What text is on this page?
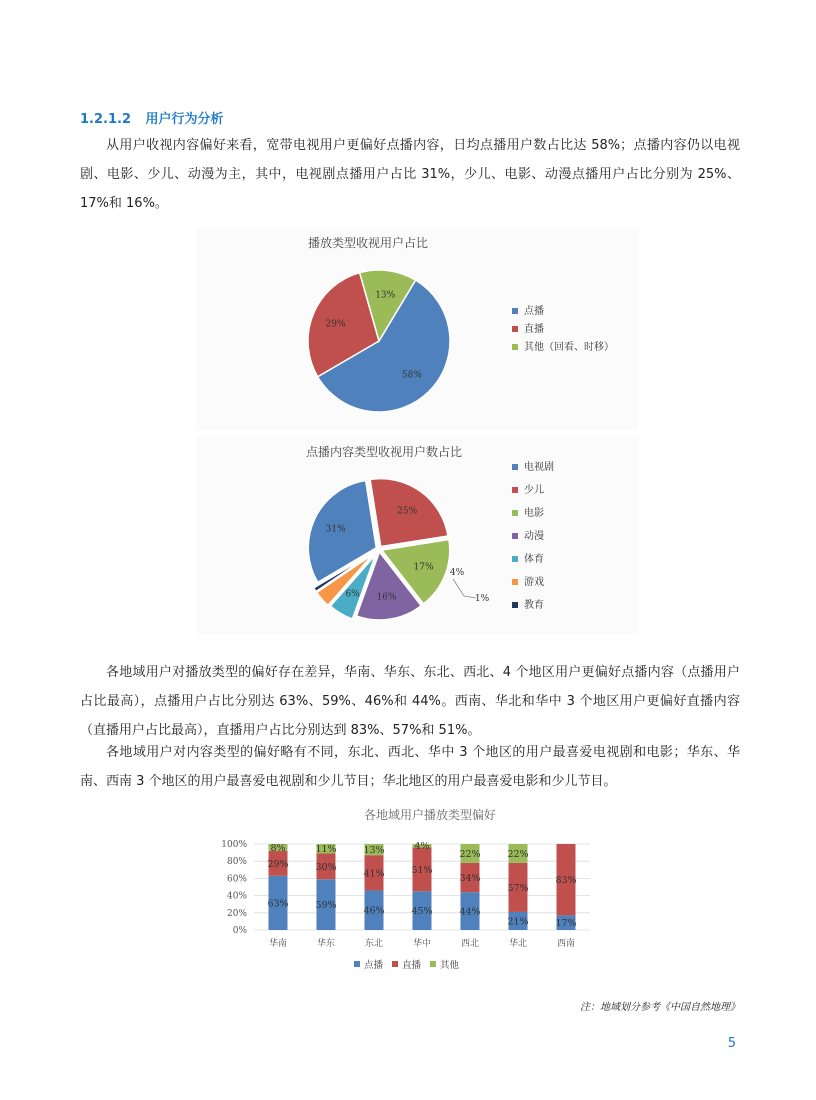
1.2.1.2 用户行为分析

从用户收视内容偏好来看，宽带电视用户更偏好点播内容，日均点播用户数占比达 58%；点播内容仍以电视剧、电影、少儿、动漫为主，其中，电视剧点播用户占比 31%，少儿、电影、动漫点播用户占比分别为 25%、17%和 16%。

播放类型收视用户占比
58%
29%
13%
点播
直播
其他（回看、时移）
点播内容类型收视用户数占比
31%
25%
17%
16%
6%
4%
1%
电视剧
少儿
电影
动漫
体育
游戏
教育

各地域用户对播放类型的偏好存在差异，华南、华东、东北、西北、4 个地区用户更偏好点播内容（点播用户占比最高），点播用户占比分别达 63%、59%、46%和 44%。西南、华北和华中 3 个地区用户更偏好直播内容（直播用户占比最高），直播用户占比分别达到 83%、57%和 51%。

各地域用户对内容类型的偏好略有不同，东北、西北、华中 3 个地区的用户最喜爱电视剧和电影；华东、华南、西南 3 个地区的用户最喜爱电视剧和少儿节目；华北地区的用户最喜爱电影和少儿节目。

各地域用户播放类型偏好
0%
20%
40%
60%
80%
100%
63%
29%
8%
华南
59%
30%
11%
华东
46%
41%
13%
东北
45%
51%
4%
华中
44%
34%
22%
西北
21%
57%
22%
华北
17%
83%
西南
点播 直播 其他
注：地域划分参考《中国自然地理》
5
